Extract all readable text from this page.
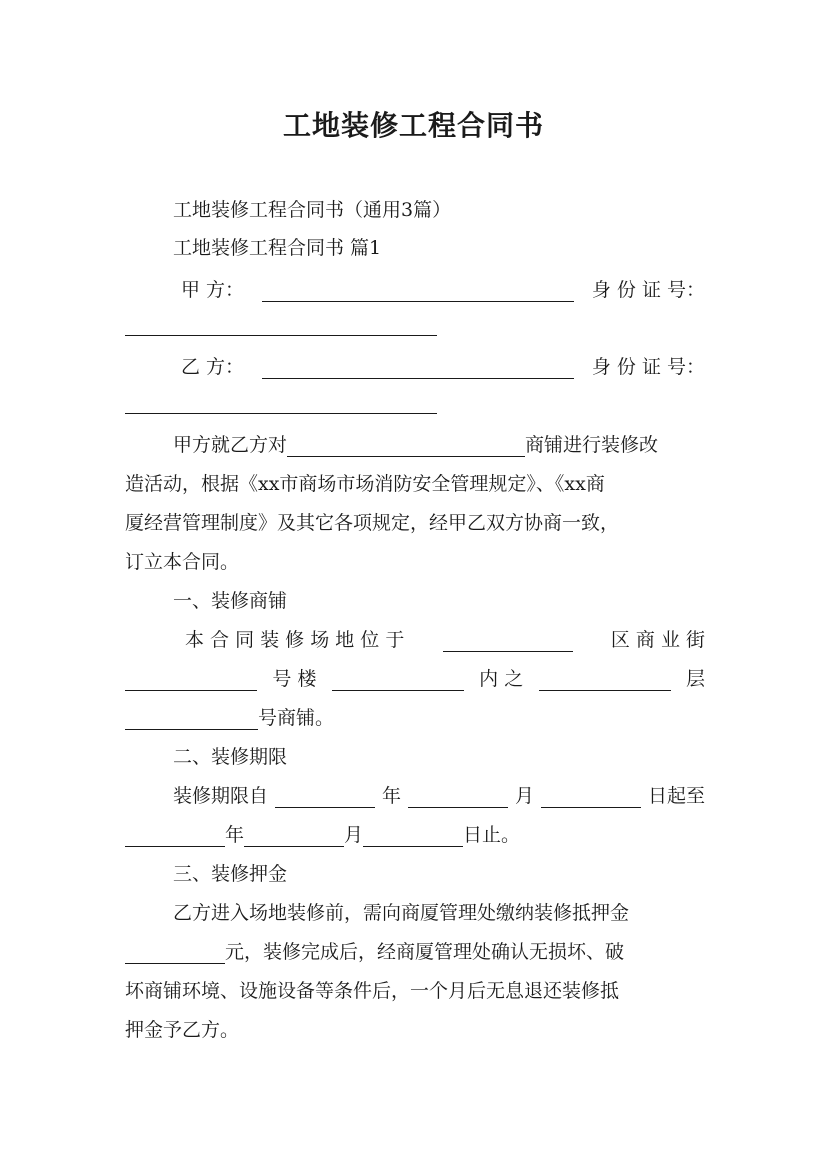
工地装修工程合同书
工地装修工程合同书（通用3篇）
工地装修工程合同书 篇1
甲 方：	身 份 证 号：
乙 方：	身 份 证 号：
甲方就乙方对	商铺进行装修改
造活动，根据《xx市商场市场消防安全管理规定》、《xx商
厦经营管理制度》及其它各项规定，经甲乙双方协商一致，
订立本合同。
一、装修商铺
本 合 同 装 修 场 地 位 于	区 商 业 街
号 楼	内 之	层
号商铺。
二、装修期限
装修期限自	年	月	日起至
年	月	日止。
三、装修押金
乙方进入场地装修前，需向商厦管理处缴纳装修抵押金
元，装修完成后，经商厦管理处确认无损坏、破
坏商铺环境、设施设备等条件后，一个月后无息退还装修抵
押金予乙方。
